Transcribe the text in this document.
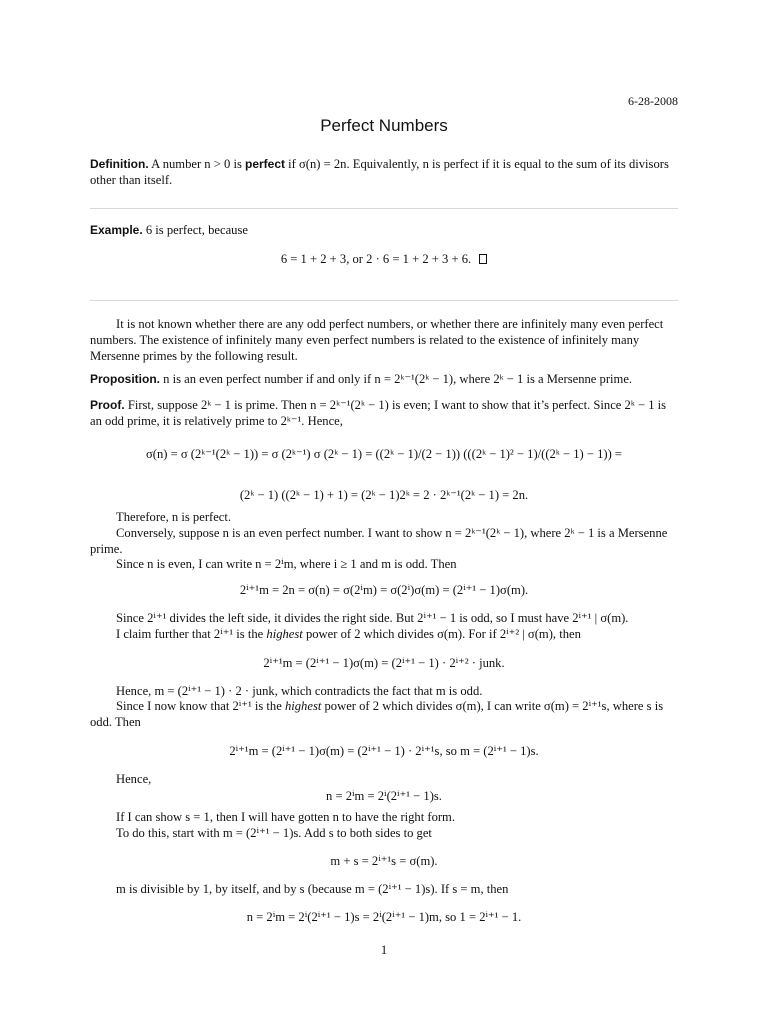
6-28-2008
Perfect Numbers
Definition. A number n > 0 is perfect if σ(n) = 2n. Equivalently, n is perfect if it is equal to the sum of its divisors other than itself.
Example. 6 is perfect, because
6 = 1 + 2 + 3, or 2 · 6 = 1 + 2 + 3 + 6.
It is not known whether there are any odd perfect numbers, or whether there are infinitely many even perfect numbers. The existence of infinitely many even perfect numbers is related to the existence of infinitely many Mersenne primes by the following result.
Proposition. n is an even perfect number if and only if n = 2ᵏ⁻¹(2ᵏ − 1), where 2ᵏ − 1 is a Mersenne prime.
Proof. First, suppose 2ᵏ − 1 is prime. Then n = 2ᵏ⁻¹(2ᵏ − 1) is even; I want to show that it’s perfect. Since 2ᵏ − 1 is an odd prime, it is relatively prime to 2ᵏ⁻¹. Hence,
σ(n) = σ (2ᵏ⁻¹(2ᵏ − 1)) = σ (2ᵏ⁻¹) σ (2ᵏ − 1) = ((2ᵏ − 1)/(2 − 1)) (((2ᵏ − 1)² − 1)/((2ᵏ − 1) − 1)) =
(2ᵏ − 1) ((2ᵏ − 1) + 1) = (2ᵏ − 1)2ᵏ = 2 · 2ᵏ⁻¹(2ᵏ − 1) = 2n.
Therefore, n is perfect.
Conversely, suppose n is an even perfect number. I want to show n = 2ᵏ⁻¹(2ᵏ − 1), where 2ᵏ − 1 is a Mersenne prime.
Since n is even, I can write n = 2ⁱm, where i ≥ 1 and m is odd. Then
2ⁱ⁺¹m = 2n = σ(n) = σ(2ⁱm) = σ(2ⁱ)σ(m) = (2ⁱ⁺¹ − 1)σ(m).
Since 2ⁱ⁺¹ divides the left side, it divides the right side. But 2ⁱ⁺¹ − 1 is odd, so I must have 2ⁱ⁺¹ | σ(m).
I claim further that 2ⁱ⁺¹ is the highest power of 2 which divides σ(m). For if 2ⁱ⁺² | σ(m), then
2ⁱ⁺¹m = (2ⁱ⁺¹ − 1)σ(m) = (2ⁱ⁺¹ − 1) · 2ⁱ⁺² · junk.
Hence, m = (2ⁱ⁺¹ − 1) · 2 · junk, which contradicts the fact that m is odd.
Since I now know that 2ⁱ⁺¹ is the highest power of 2 which divides σ(m), I can write σ(m) = 2ⁱ⁺¹s, where s is odd. Then
2ⁱ⁺¹m = (2ⁱ⁺¹ − 1)σ(m) = (2ⁱ⁺¹ − 1) · 2ⁱ⁺¹s, so m = (2ⁱ⁺¹ − 1)s.
Hence,
n = 2ⁱm = 2ⁱ(2ⁱ⁺¹ − 1)s.
If I can show s = 1, then I will have gotten n to have the right form.
To do this, start with m = (2ⁱ⁺¹ − 1)s. Add s to both sides to get
m + s = 2ⁱ⁺¹s = σ(m).
m is divisible by 1, by itself, and by s (because m = (2ⁱ⁺¹ − 1)s). If s = m, then
n = 2ⁱm = 2ⁱ(2ⁱ⁺¹ − 1)s = 2ⁱ(2ⁱ⁺¹ − 1)m, so 1 = 2ⁱ⁺¹ − 1.
1
